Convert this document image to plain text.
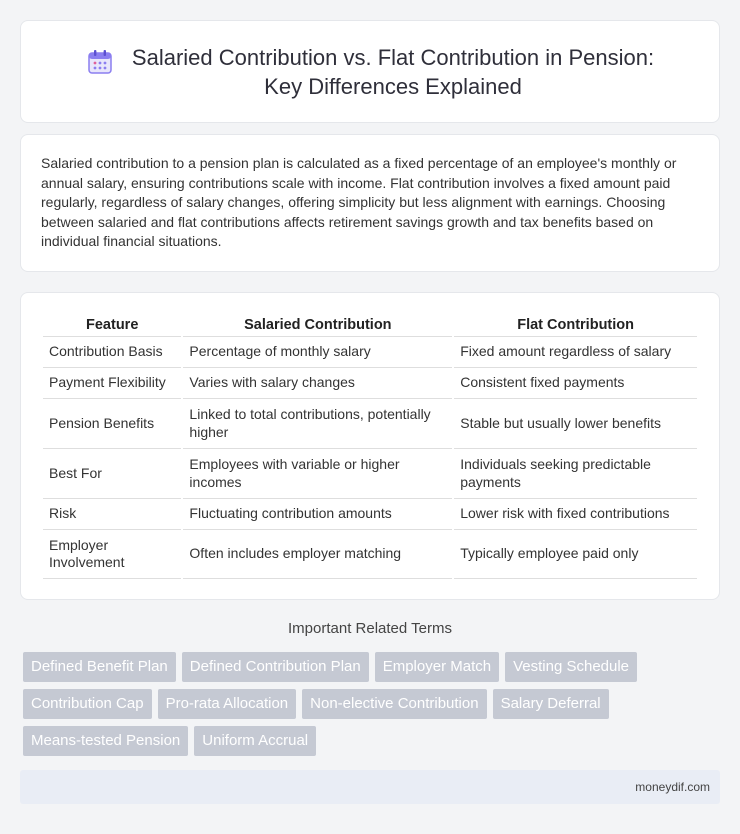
Salaried Contribution vs. Flat Contribution in Pension:
Key Differences Explained

Salaried contribution to a pension plan is calculated as a fixed percentage of an employee's monthly or annual salary, ensuring contributions scale with income. Flat contribution involves a fixed amount paid regularly, regardless of salary changes, offering simplicity but less alignment with earnings. Choosing between salaried and flat contributions affects retirement savings growth and tax benefits based on individual financial situations.

Feature	Salaried Contribution	Flat Contribution
Contribution Basis	Percentage of monthly salary	Fixed amount regardless of salary
Payment Flexibility	Varies with salary changes	Consistent fixed payments
Pension Benefits	Linked to total contributions, potentially higher	Stable but usually lower benefits
Best For	Employees with variable or higher incomes	Individuals seeking predictable payments
Risk	Fluctuating contribution amounts	Lower risk with fixed contributions
Employer Involvement	Often includes employer matching	Typically employee paid only
Important Related Terms
Defined Benefit Plan	Defined Contribution Plan	Employer Match	Vesting Schedule
Contribution Cap	Pro-rata Allocation	Non-elective Contribution	Salary Deferral
Means-tested Pension	Uniform Accrual
moneydif.com
